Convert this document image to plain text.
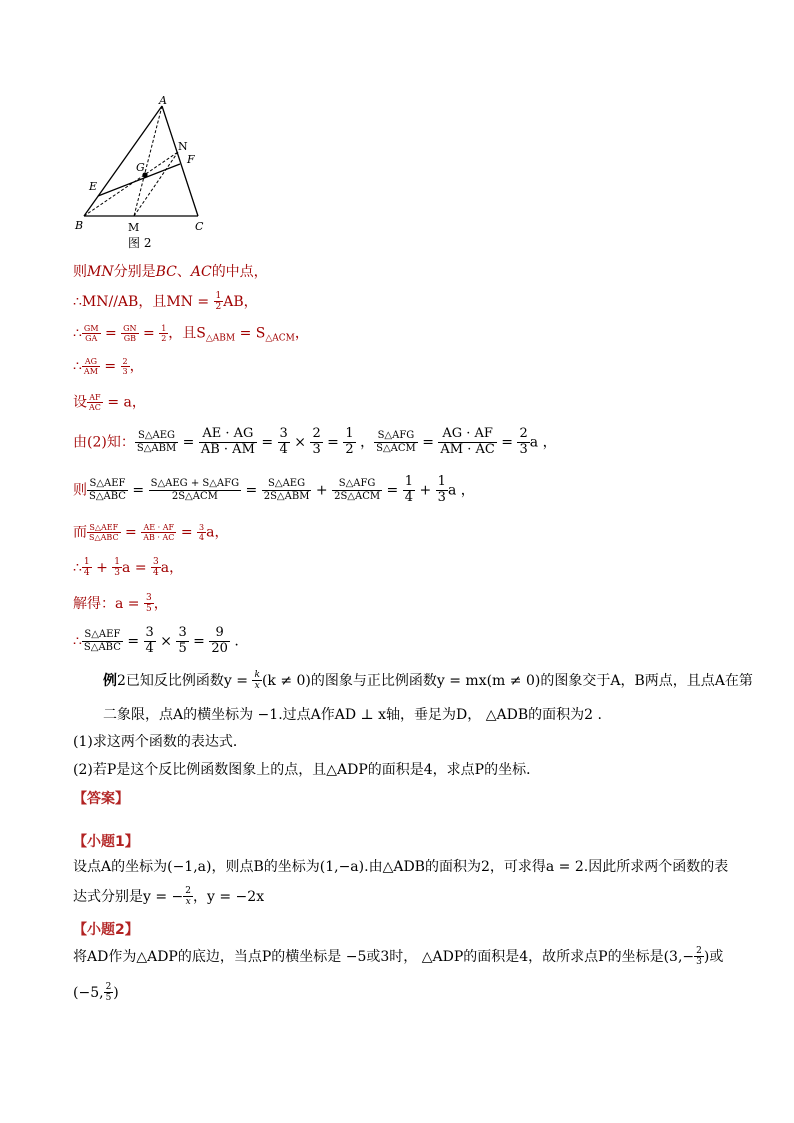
A
N
F
G
E
B	M	C
图 2
则MN分别是BC、AC的中点，
∴MN//AB，且MN = $\frac{1}{2}$ AB，
∴ $\frac{GM}{GA} = \frac{GN}{GB} = \frac{1}{2}$ ，且$S_{\triangle ABM} = S_{\triangle ACM}$，
∴ $\frac{AG}{AM} = \frac{2}{3}$ ，
设 $\frac{AF}{AC} = a$，
由(2)知： $\frac{\text{S△AEG}}{\text{S△ABM}} = \frac{AE \cdot AG}{AB \cdot AM} = \frac{3}{4} \times \frac{2}{3} = \frac{1}{2}$ ， $\frac{\text{S△AFG}}{\text{S△ACM}} = \frac{AG \cdot AF}{AM \cdot AC} = \frac{2}{3}$ a ，
则 $\frac{\text{S△AEF}}{\text{S△ABC}} = \frac{\text{S△AEG + S△AFG}}{\text{2S△ACM}} = \frac{\text{S△AEG}}{\text{2S△ABM}} + \frac{\text{S△AFG}}{\text{2S△ACM}} = \frac{1}{4} + \frac{1}{3}$ a ，
而 $\frac{\text{S△AEF}}{\text{S△ABC}} = \frac{AE \cdot AF}{AB \cdot AC} = \frac{3}{4}$ a，
∴ $\frac{1}{4} + \frac{1}{3}$ $a = \frac{3}{4}$ a，
解得：$a = \frac{3}{5}$ ，
∴ $\frac{\text{S△AEF}}{\text{S△ABC}} = \frac{3}{4} \times \frac{3}{5} = \frac{9}{20}$ .
例2已知反比例函数$y = \frac{k}{x} (k \ne 0)$的图象与正比例函数y = mx(m ≠ 0)的图象交于A，B两点，且点A在第
二象限，点A的横坐标为 −1.过点A作AD ⊥ x轴，垂足为D， △ADB的面积为2 .
(1)求这两个函数的表达式．
(2)若P是这个反比例函数图象上的点，且△ADP的面积是4，求点P的坐标．
【答案】
【小题1】
设点A的坐标为(−1,a)，则点B的坐标为(1,−a).由△ADB的面积为2，可求得a = 2.因此所求两个函数的表
达式分别是y = − $\frac{2}{x}$ ，y = −2x
【小题2】
将AD作为△ADP的底边，当点P的横坐标是 −5或3时， △ADP的面积是4，故所求点P的坐标是($3,- \frac{2}{3}$ )或
(−5, $\frac{2}{5}$ )
